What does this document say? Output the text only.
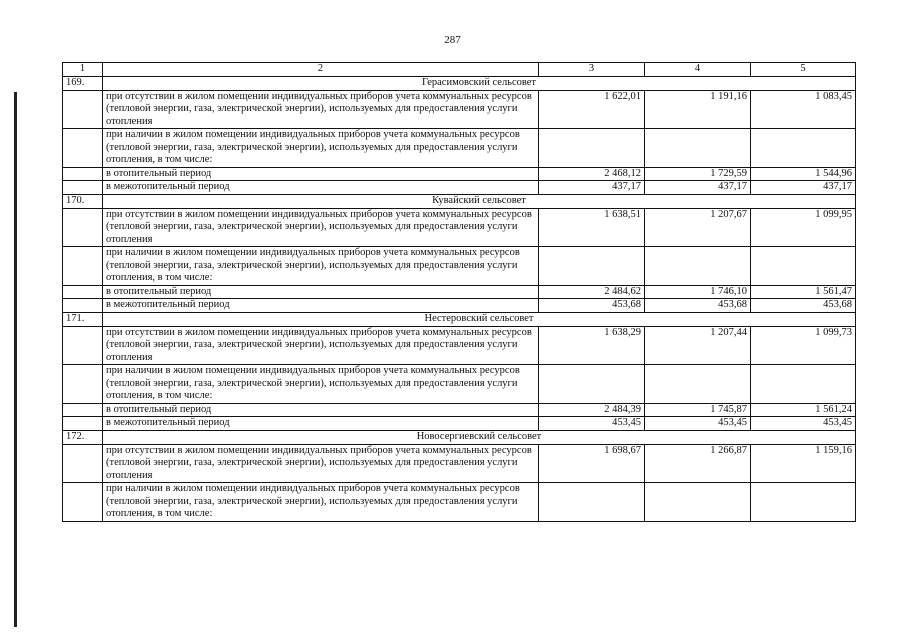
287
1	2	3	4	5
169.	Герасимовский сельсовет			
	при отсутствии в жилом помещении индивидуальных приборов учета коммунальных ресурсов (тепловой энергии, газа, электрической энергии), используемых для предоставления услуги отопления	1 622,01	1 191,16	1 083,45
	при наличии в жилом помещении индивидуальных приборов учета коммунальных ресурсов (тепловой энергии, газа, электрической энергии), используемых для предоставления услуги отопления, в том числе:			
	в отопительный период	2 468,12	1 729,59	1 544,96
	в межотопительный период	437,17	437,17	437,17
170.	Кувайский сельсовет			
	при отсутствии в жилом помещении индивидуальных приборов учета коммунальных ресурсов (тепловой энергии, газа, электрической энергии), используемых для предоставления услуги отопления	1 638,51	1 207,67	1 099,95
	при наличии в жилом помещении индивидуальных приборов учета коммунальных ресурсов (тепловой энергии, газа, электрической энергии), используемых для предоставления услуги отопления, в том числе:			
	в отопительный период	2 484,62	1 746,10	1 561,47
	в межотопительный период	453,68	453,68	453,68
171.	Нестеровский сельсовет			
	при отсутствии в жилом помещении индивидуальных приборов учета коммунальных ресурсов (тепловой энергии, газа, электрической энергии), используемых для предоставления услуги отопления	1 638,29	1 207,44	1 099,73
	при наличии в жилом помещении индивидуальных приборов учета коммунальных ресурсов (тепловой энергии, газа, электрической энергии), используемых для предоставления услуги отопления, в том числе:			
	в отопительный период	2 484,39	1 745,87	1 561,24
	в межотопительный период	453,45	453,45	453,45
172.	Новосергиевский сельсовет			
	при отсутствии в жилом помещении индивидуальных приборов учета коммунальных ресурсов (тепловой энергии, газа, электрической энергии), используемых для предоставления услуги отопления	1 698,67	1 266,87	1 159,16
	при наличии в жилом помещении индивидуальных приборов учета коммунальных ресурсов (тепловой энергии, газа, электрической энергии), используемых для предоставления услуги отопления, в том числе:			
